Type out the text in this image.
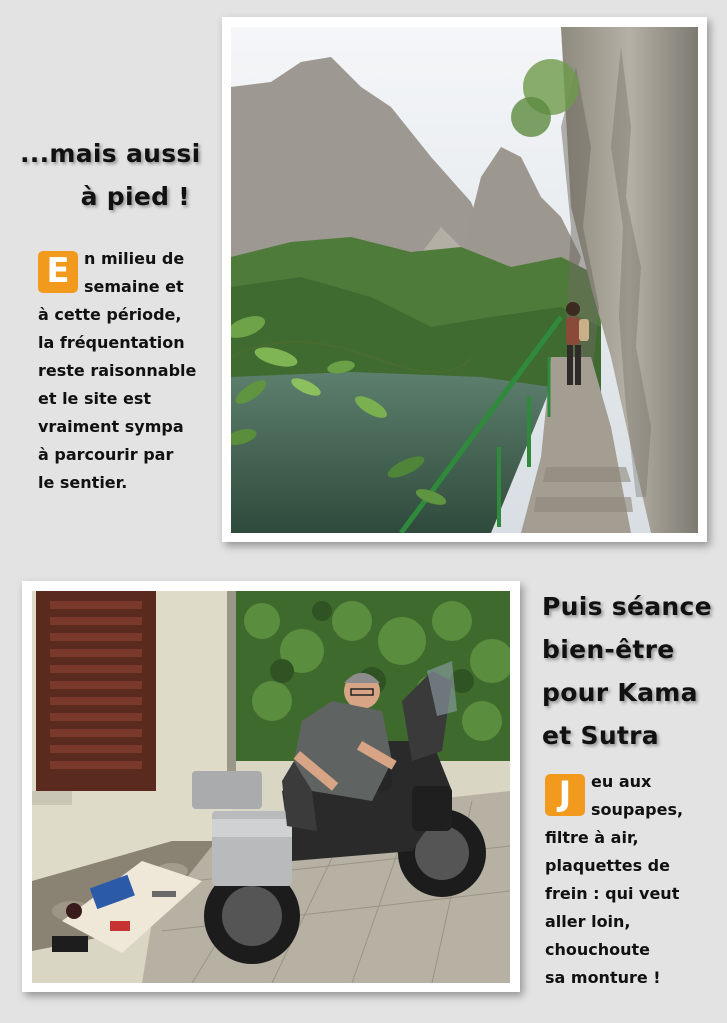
...mais aussi
à pied !
E n milieu de
semaine et
à cette période,
la fréquentation
reste raisonnable
et le site est
vraiment sympa
à parcourir par
le sentier.
Puis séance
bien-être
pour Kama
et Sutra
J	eu aux
soupapes,
filtre à air,
plaquettes de
frein : qui veut
aller loin,
chouchoute
sa monture !
